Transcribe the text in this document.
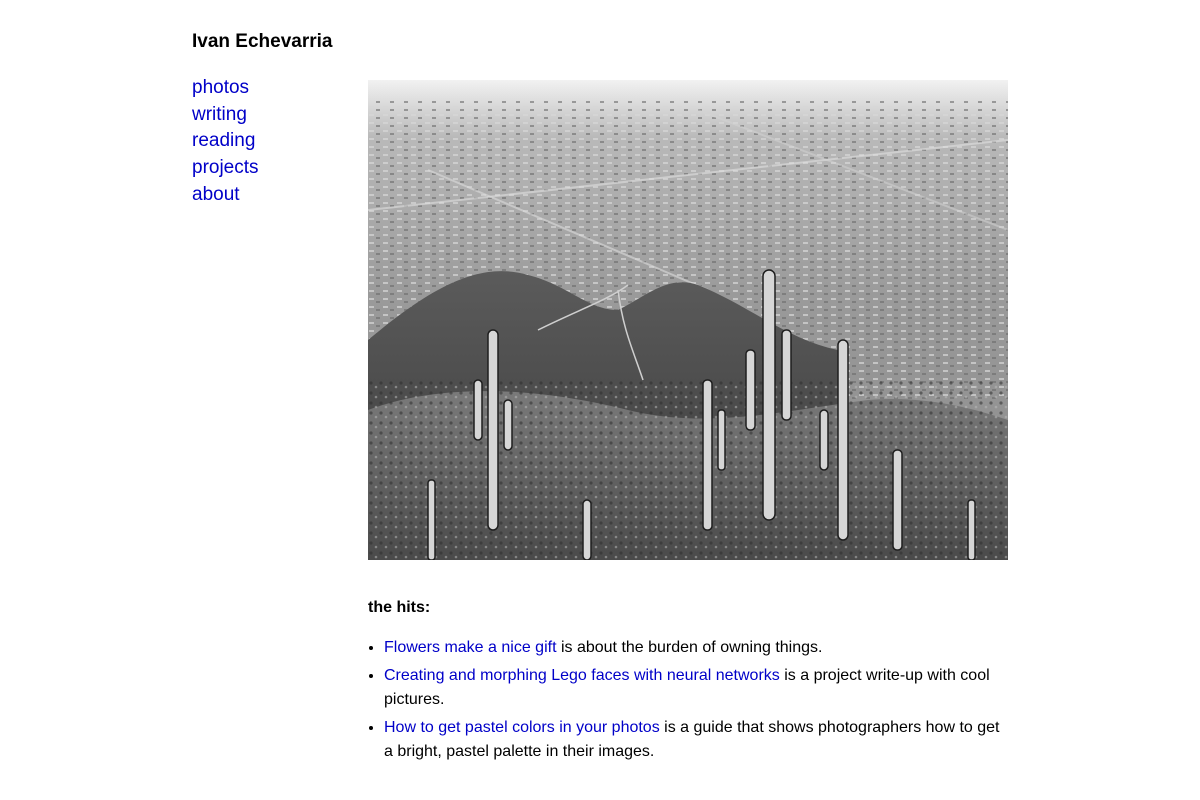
Ivan Echevarria
photos
writing
reading
projects
about
the hits:
• Flowers make a nice gift is about the burden of owning things.
• Creating and morphing Lego faces with neural networks is a project write-up with cool pictures.
• How to get pastel colors in your photos is a guide that shows photographers how to get a bright, pastel palette in their images.
